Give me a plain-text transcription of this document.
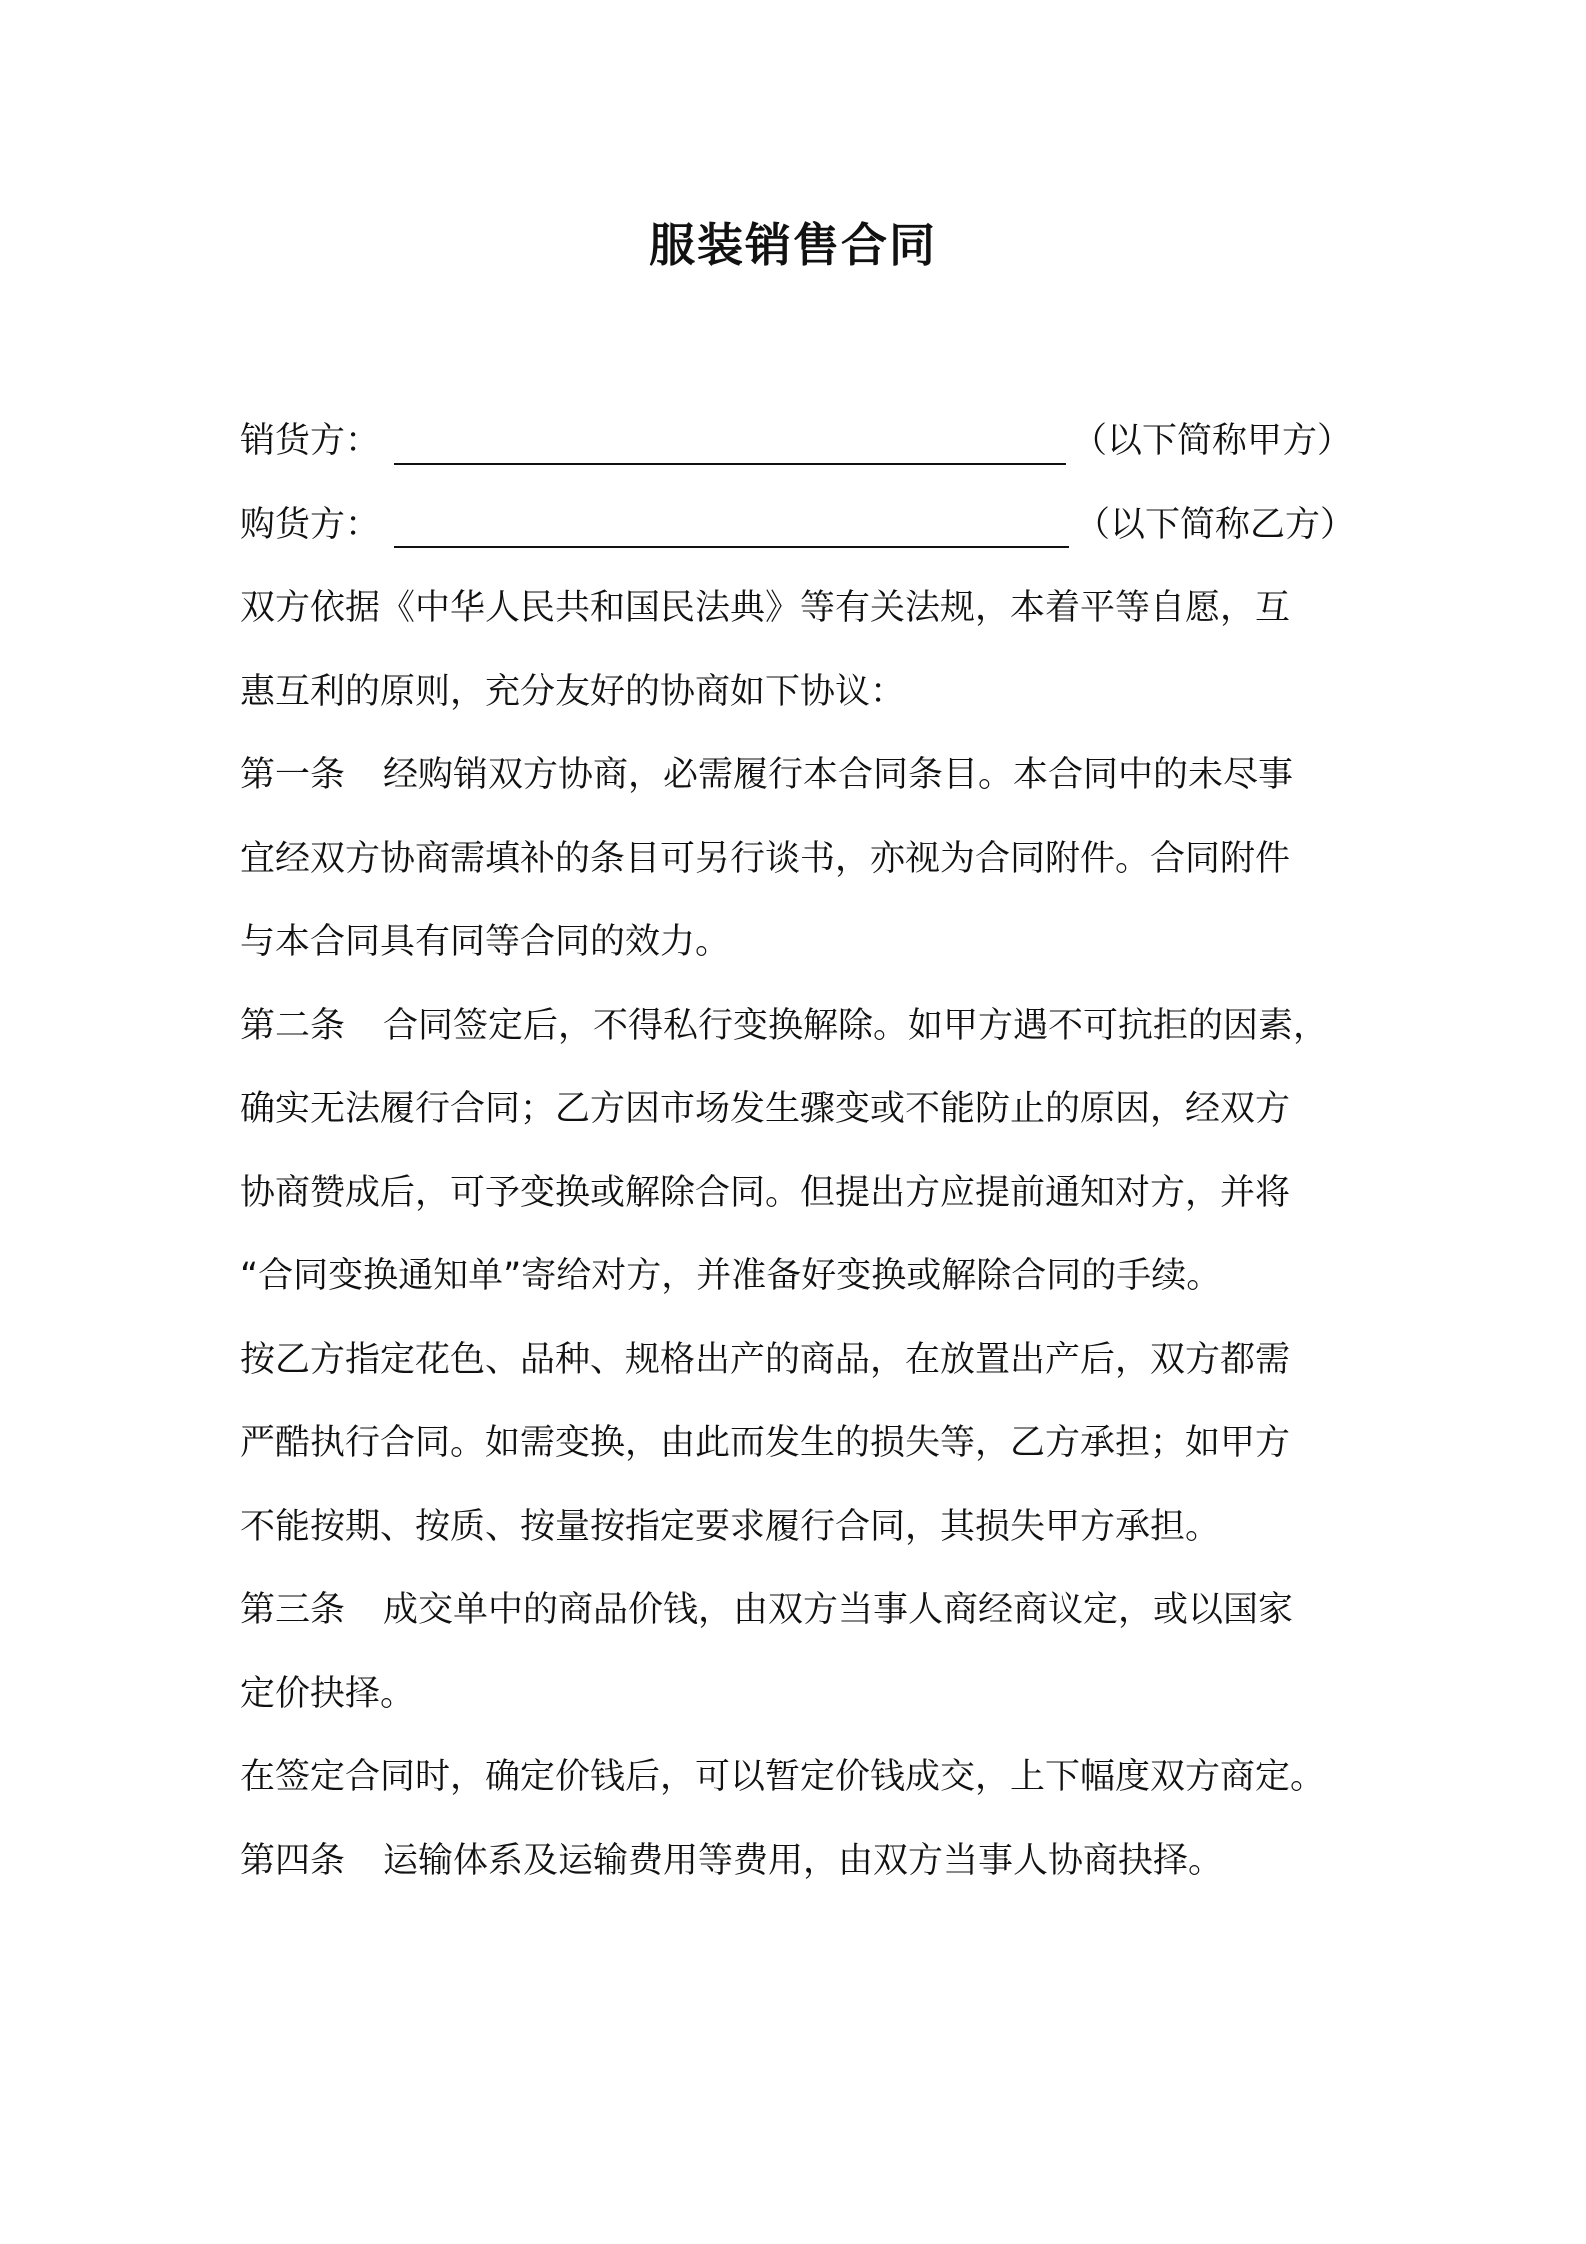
服装销售合同
销货方：	（以下简称甲方）
购货方：	（以下简称乙方）
双方依据《中华人民共和国民法典》等有关法规，本着平等自愿，互
惠互利的原则，充分友好的协商如下协议：
第一条 经购销双方协商，必需履行本合同条目。本合同中的未尽事
宜经双方协商需填补的条目可另行谈书，亦视为合同附件。合同附件
与本合同具有同等合同的效力。
第二条 合同签定后，不得私行变换解除。如甲方遇不可抗拒的因素，
确实无法履行合同；乙方因市场发生骤变或不能防止的原因，经双方
协商赞成后，可予变换或解除合同。但提出方应提前通知对方，并将
“合同变换通知单”寄给对方，并准备好变换或解除合同的手续。
按乙方指定花色、品种、规格出产的商品，在放置出产后，双方都需
严酷执行合同。如需变换，由此而发生的损失等，乙方承担；如甲方
不能按期、按质、按量按指定要求履行合同，其损失甲方承担。
第三条 成交单中的商品价钱，由双方当事人商经商议定，或以国家
定价抉择。
在签定合同时，确定价钱后，可以暂定价钱成交，上下幅度双方商定。
第四条 运输体系及运输费用等费用，由双方当事人协商抉择。
